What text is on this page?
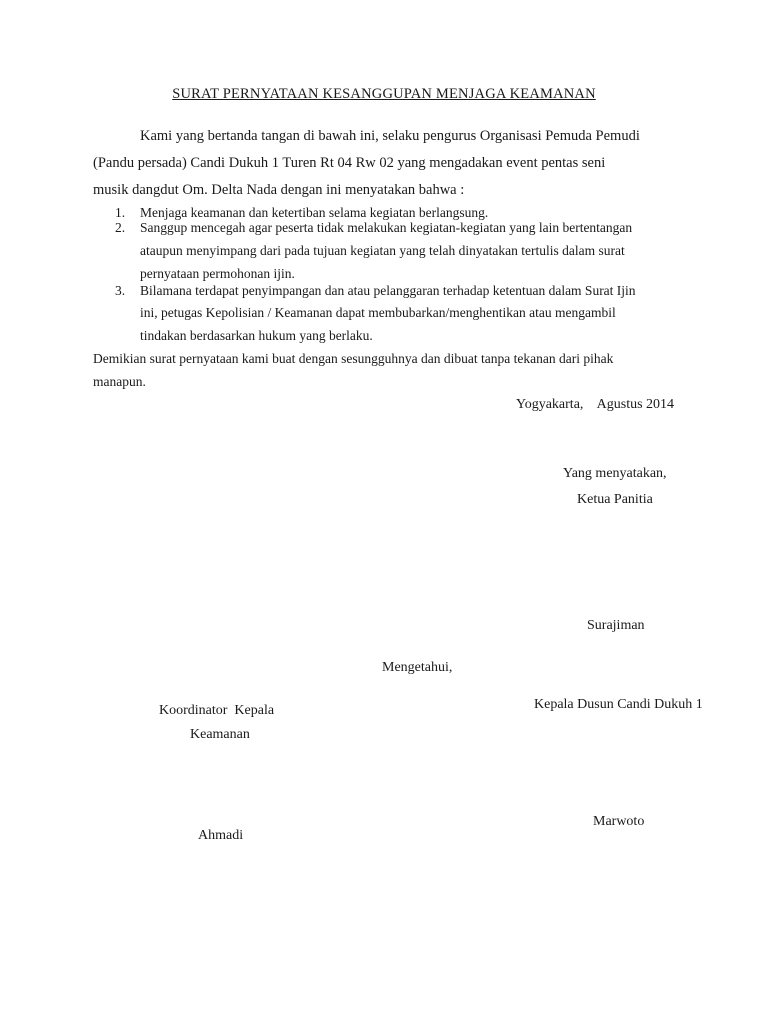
SURAT PERNYATAAN KESANGGUPAN MENJAGA KEAMANAN
Kami yang bertanda tangan di bawah ini, selaku pengurus Organisasi Pemuda Pemudi
(Pandu persada) Candi Dukuh 1 Turen Rt 04 Rw 02 yang mengadakan event pentas seni
musik dangdut Om. Delta Nada dengan ini menyatakan bahwa :
1. Menjaga keamanan dan ketertiban selama kegiatan berlangsung.
2. Sanggup mencegah agar peserta tidak melakukan kegiatan-kegiatan yang lain bertentangan
ataupun menyimpang dari pada tujuan kegiatan yang telah dinyatakan tertulis dalam surat
pernyataan permohonan ijin.
3. Bilamana terdapat penyimpangan dan atau pelanggaran terhadap ketentuan dalam Surat Ijin
ini, petugas Kepolisian / Keamanan dapat membubarkan/menghentikan atau mengambil
tindakan berdasarkan hukum yang berlaku.
Demikian surat pernyataan kami buat dengan sesungguhnya dan dibuat tanpa tekanan dari pihak
manapun.
Yogyakarta,    Agustus 2014
Yang menyatakan,
Ketua Panitia
Surajiman
Mengetahui,
Koordinator  Kepala
Keamanan
Ahmadi
Kepala Dusun Candi Dukuh 1
Marwoto
